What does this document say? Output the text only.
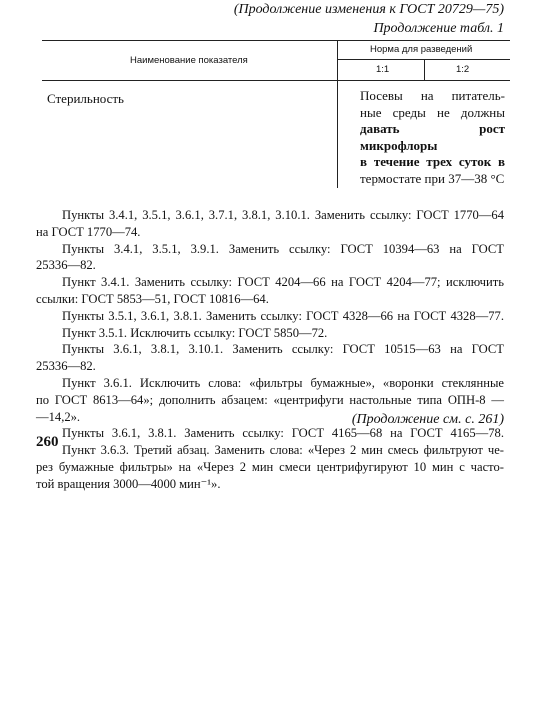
(Продолжение изменения к ГОСТ 20729—75)
Продолжение табл. 1
Наименование показателя
Норма для разведений
1:1	1:2
Стерильность	Посевы на питатель-
ные среды не должны
давать рост микрофлоры
в течение трех суток в
термостате при 37—38 °С
Пункты 3.4.1, 3.5.1, 3.6.1, 3.7.1, 3.8.1, 3.10.1. Заменить ссылку: ГОСТ 1770—64
на ГОСТ 1770—74.
Пункты 3.4.1, 3.5.1, 3.9.1. Заменить ссылку: ГОСТ 10394—63 на ГОСТ
25336—82.
Пункт 3.4.1. Заменить ссылку: ГОСТ 4204—66 на ГОСТ 4204—77; исключить
ссылки: ГОСТ 5853—51, ГОСТ 10816—64.
Пункты 3.5.1, 3.6.1, 3.8.1. Заменить ссылку: ГОСТ 4328—66 на ГОСТ 4328—77.
Пункт 3.5.1. Исключить ссылку: ГОСТ 5850—72.
Пункты 3.6.1, 3.8.1, 3.10.1. Заменить ссылку: ГОСТ 10515—63 на ГОСТ
25336—82.
Пункт 3.6.1. Исключить слова: «фильтры бумажные», «воронки стеклянные
по ГОСТ 8613—64»; дополнить абзацем: «центрифуги настольные типа ОПН-8 —
—14,2».
Пункты 3.6.1, 3.8.1. Заменить ссылку: ГОСТ 4165—68 на ГОСТ 4165—78.
Пункт 3.6.3. Третий абзац. Заменить слова: «Через 2 мин смесь фильтруют че-
рез бумажные фильтры» на «Через 2 мин смеси центрифугируют 10 мин с часто-
той вращения 3000—4000 мин⁻¹».
(Продолжение см. с. 261)
260
